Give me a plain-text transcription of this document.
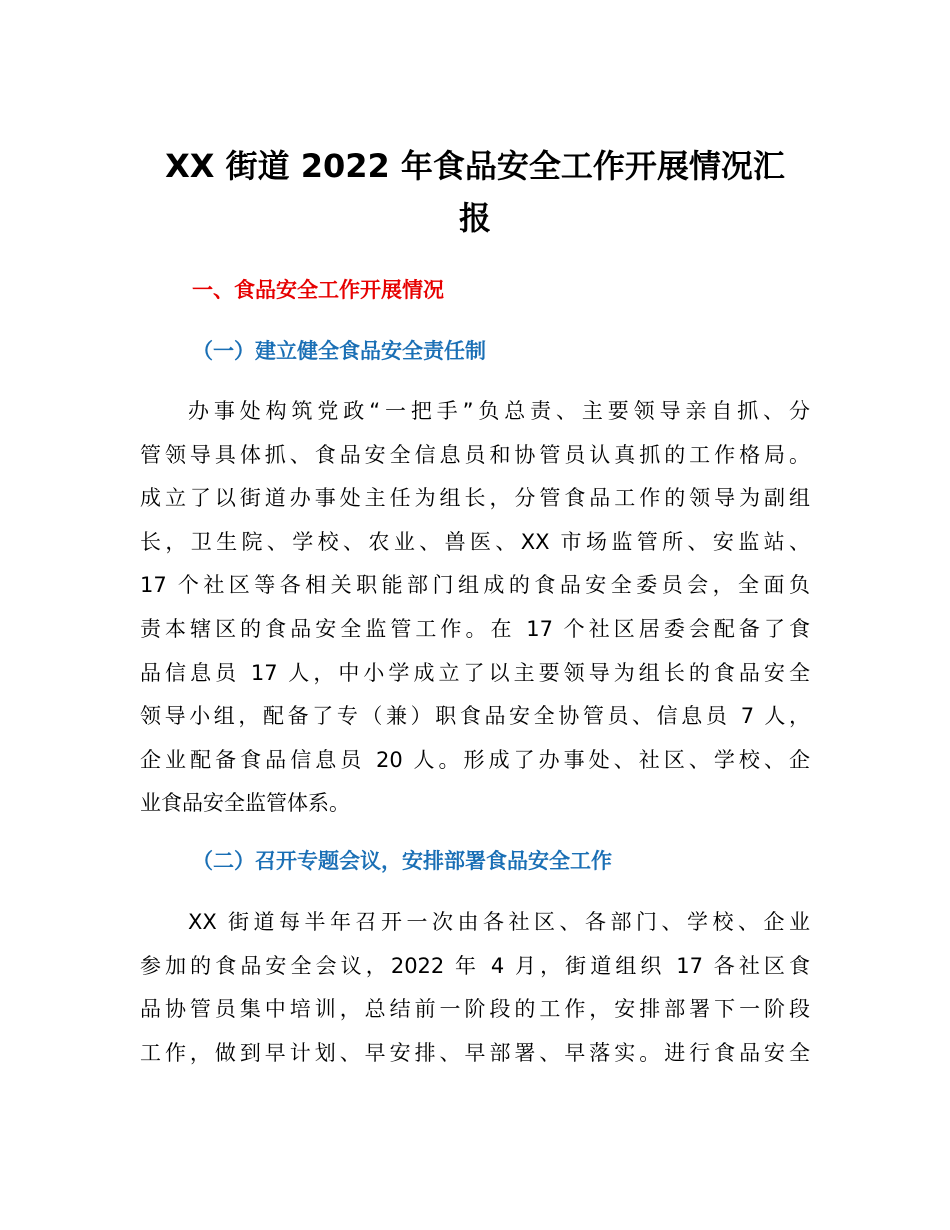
XX 街道 2022 年食品安全工作开展情况汇
报
一、食品安全工作开展情况
（一）建立健全食品安全责任制
办事处构筑党政“一把手”负总责、主要领导亲自抓、分
管领导具体抓、食品安全信息员和协管员认真抓的工作格局。
成立了以街道办事处主任为组长，分管食品工作的领导为副组
长，卫生院、学校、农业、兽医、XX 市场监管所、安监站、
17 个社区等各相关职能部门组成的食品安全委员会，全面负
责本辖区的食品安全监管工作。在 17 个社区居委会配备了食
品信息员 17 人，中小学成立了以主要领导为组长的食品安全
领导小组，配备了专（兼）职食品安全协管员、信息员 7 人，
企业配备食品信息员 20 人。形成了办事处、社区、学校、企
业食品安全监管体系。
（二）召开专题会议，安排部署食品安全工作
XX 街道每半年召开一次由各社区、各部门、学校、企业
参加的食品安全会议，2022 年 4 月，街道组织 17 各社区食
品协管员集中培训，总结前一阶段的工作，安排部署下一阶段
工作，做到早计划、早安排、早部署、早落实。进行食品安全
